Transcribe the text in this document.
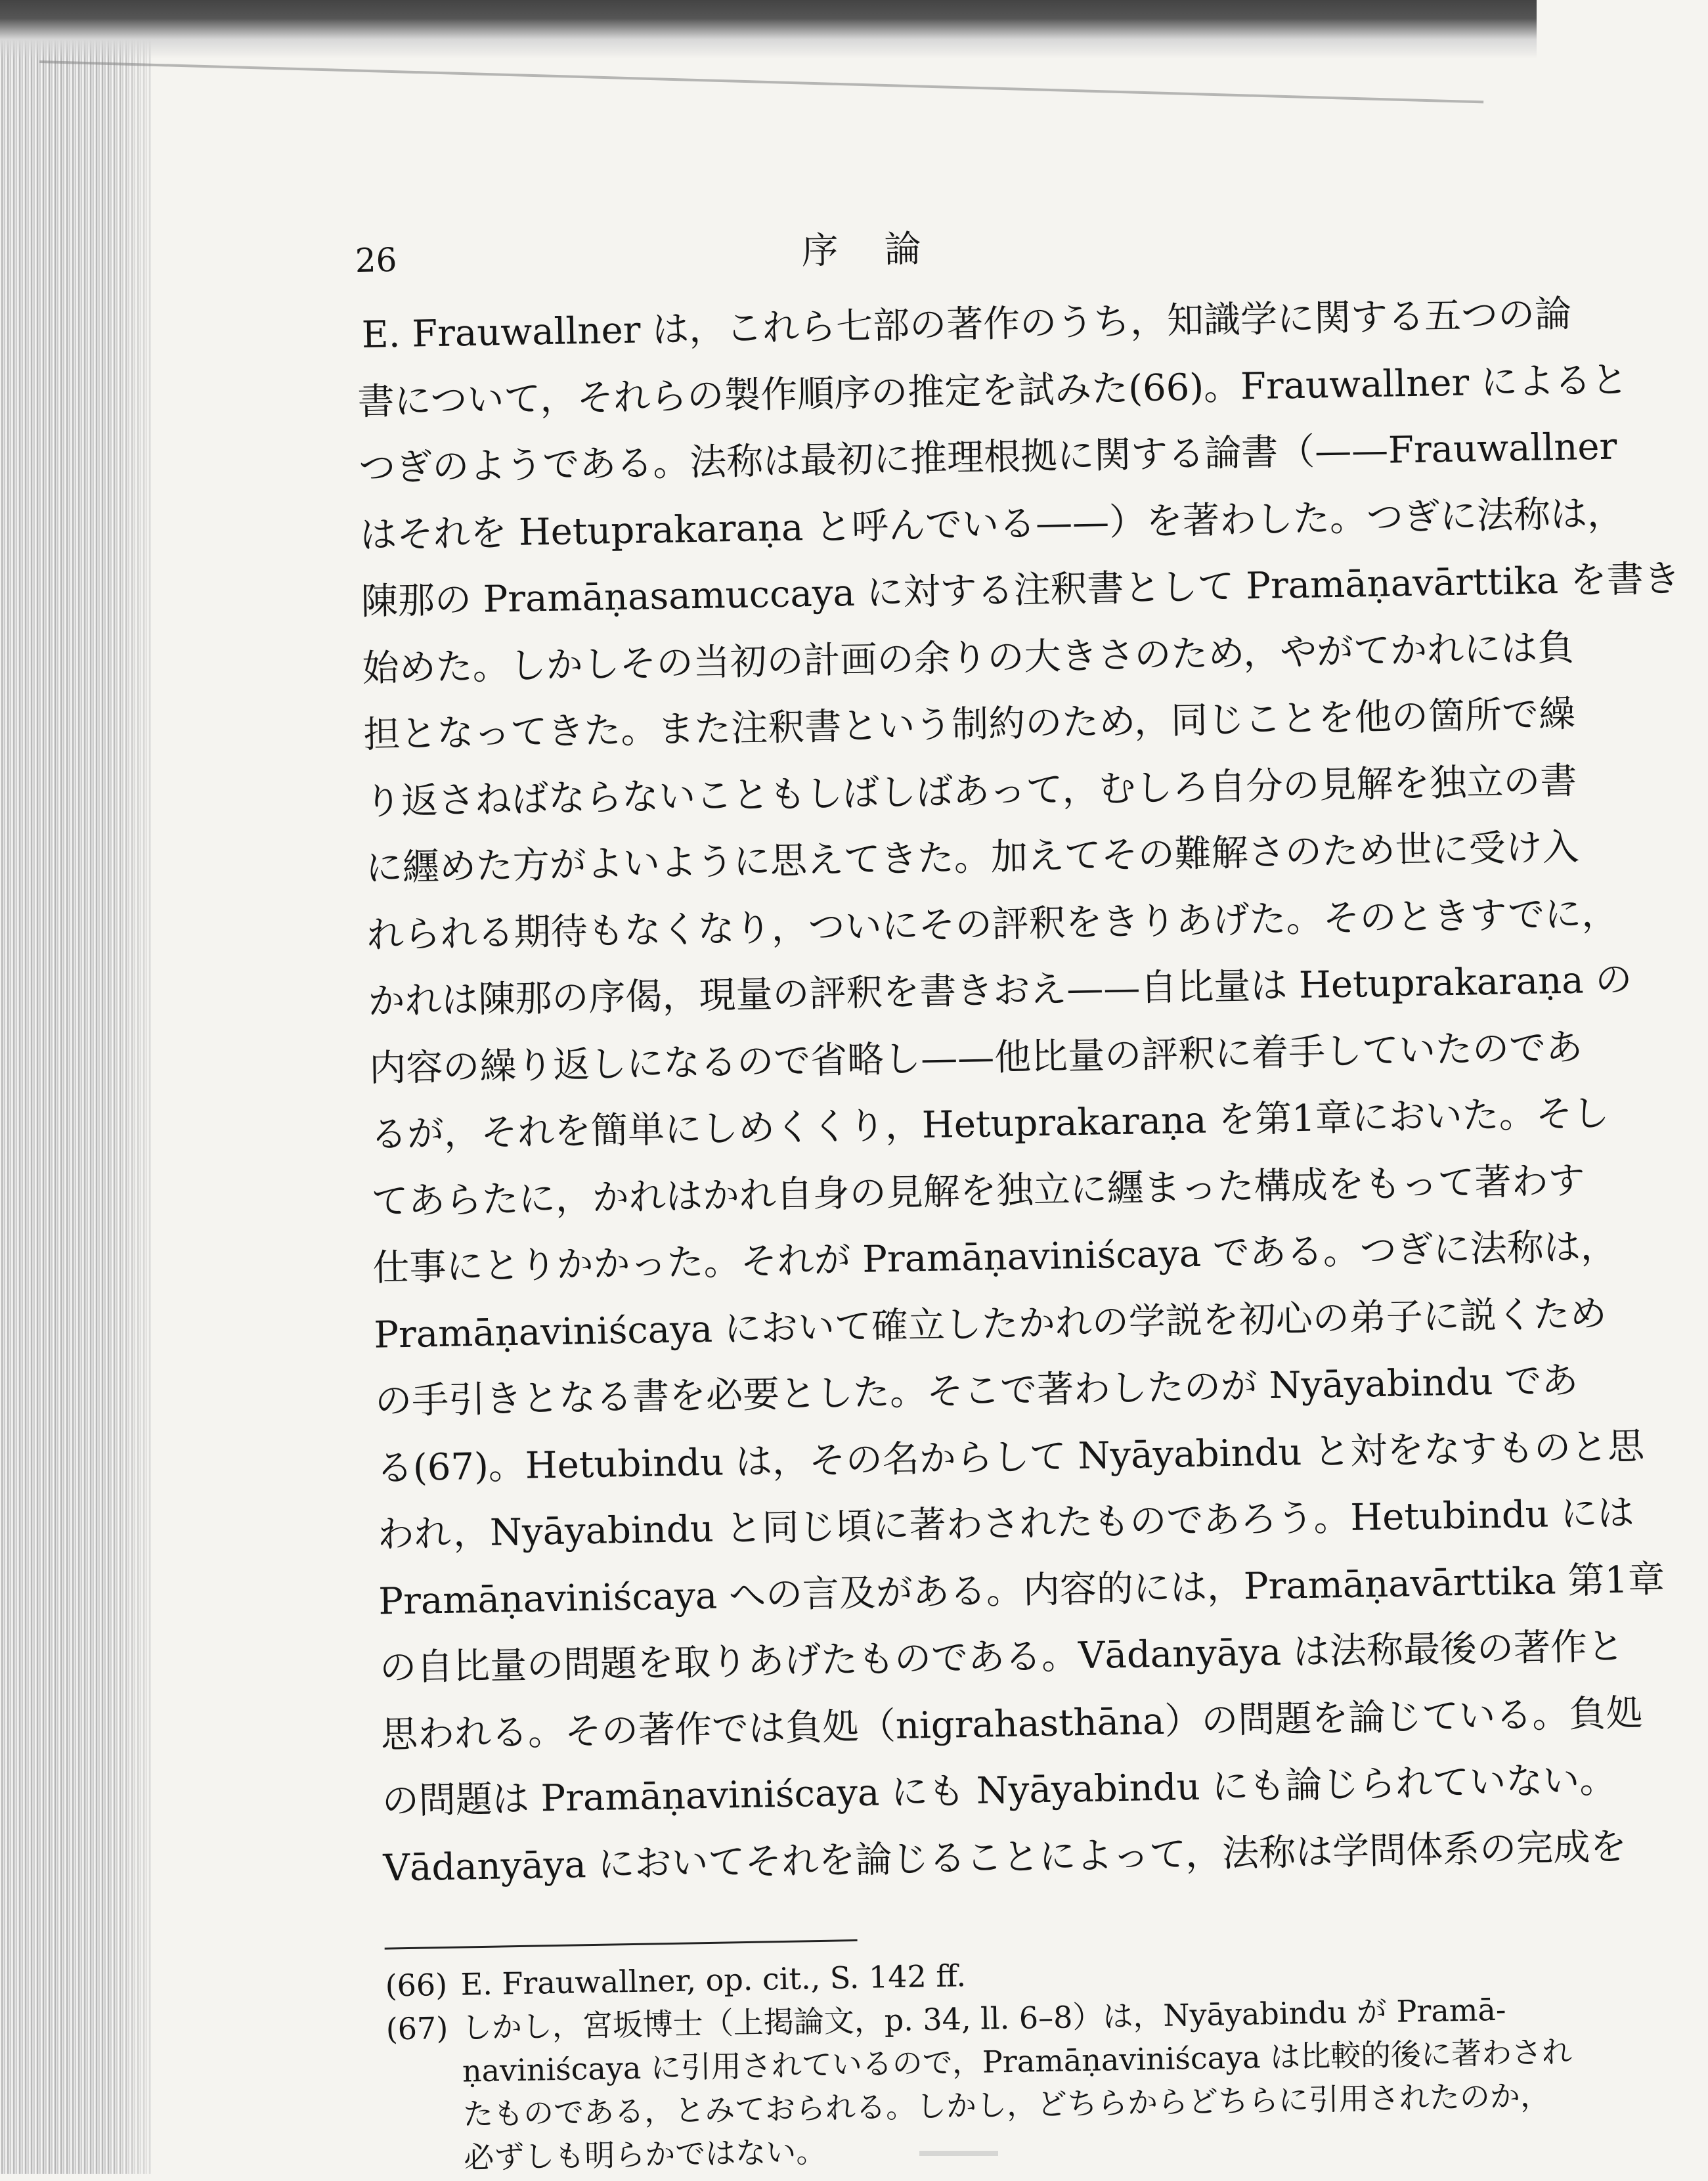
26	序論
E. Frauwallner は，これら七部の著作のうち，知識学に関する五つの論
書について，それらの製作順序の推定を試みた(66)。Frauwallner によると
つぎのようである。法称は最初に推理根拠に関する論書（——Frauwallner
はそれを Hetuprakaraṇa と呼んでいる——）を著わした。つぎに法称は，
陳那の Pramāṇasamuccaya に対する注釈書として Pramāṇavārttika を書き
始めた。しかしその当初の計画の余りの大きさのため，やがてかれには負
担となってきた。また注釈書という制約のため，同じことを他の箇所で繰
り返さねばならないこともしばしばあって，むしろ自分の見解を独立の書
に纒めた方がよいように思えてきた。加えてその難解さのため世に受け入
れられる期待もなくなり，ついにその評釈をきりあげた。そのときすでに，
かれは陳那の序偈，現量の評釈を書きおえ——自比量は Hetuprakaraṇa の
内容の繰り返しになるので省略し——他比量の評釈に着手していたのであ
るが，それを簡単にしめくくり，Hetuprakaraṇa を第1章においた。そし
てあらたに，かれはかれ自身の見解を独立に纒まった構成をもって著わす
仕事にとりかかった。それが Pramāṇaviniścaya である。つぎに法称は，
Pramāṇaviniścaya において確立したかれの学説を初心の弟子に説くため
の手引きとなる書を必要とした。そこで著わしたのが Nyāyabindu であ
る(67)。Hetubindu は，その名からして Nyāyabindu と対をなすものと思
われ，Nyāyabindu と同じ頃に著わされたものであろう。Hetubindu には
Pramāṇaviniścaya への言及がある。内容的には，Pramāṇavārttika 第1章
の自比量の問題を取りあげたものである。Vādanyāya は法称最後の著作と
思われる。その著作では負処（nigrahasthāna）の問題を論じている。負処
の問題は Pramāṇaviniścaya にも Nyāyabindu にも論じられていない。
Vādanyāya においてそれを論じることによって，法称は学問体系の完成を
(66) E. Frauwallner, op. cit., S. 142 ff.
(67) しかし，宮坂博士（上掲論文，p. 34, ll. 6–8）は，Nyāyabindu が Pramā-
ṇaviniścaya に引用されているので，Pramāṇaviniścaya は比較的後に著わされ
たものである，とみておられる。しかし，どちらからどちらに引用されたのか，
必ずしも明らかではない。
